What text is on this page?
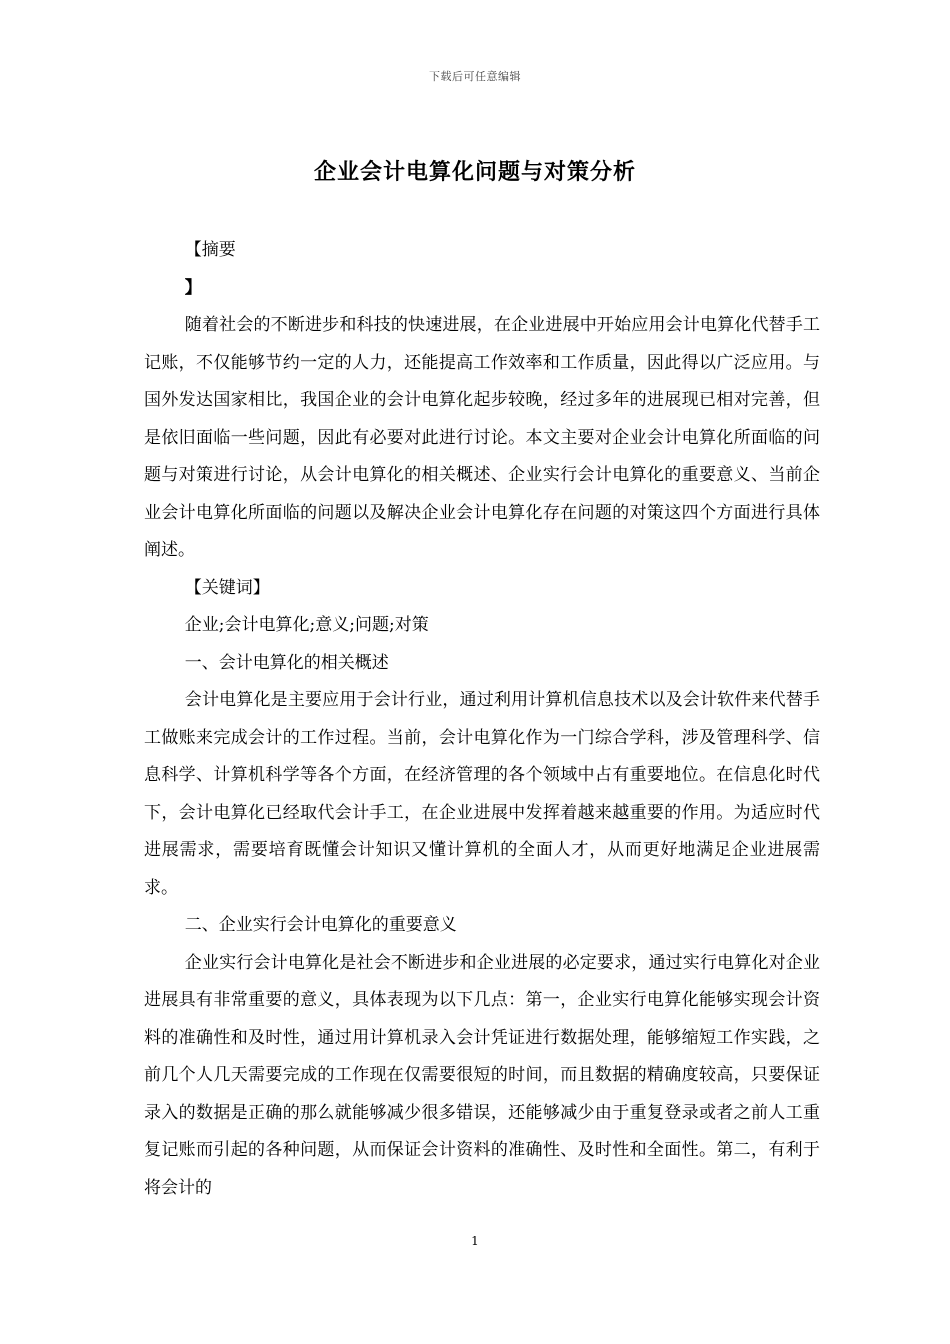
下载后可任意编辑
企业会计电算化问题与对策分析

【摘要

】

随着社会的不断进步和科技的快速进展，在企业进展中开始应用会计电算化代替手工记账，不仅能够节约一定的人力，还能提高工作效率和工作质量，因此得以广泛应用。与国外发达国家相比，我国企业的会计电算化起步较晚，经过多年的进展现已相对完善，但是依旧面临一些问题，因此有必要对此进行讨论。本文主要对企业会计电算化所面临的问题与对策进行讨论，从会计电算化的相关概述、企业实行会计电算化的重要意义、当前企业会计电算化所面临的问题以及解决企业会计电算化存在问题的对策这四个方面进行具体阐述。

【关键词】

企业;会计电算化;意义;问题;对策

一、会计电算化的相关概述

会计电算化是主要应用于会计行业，通过利用计算机信息技术以及会计软件来代替手工做账来完成会计的工作过程。当前，会计电算化作为一门综合学科，涉及管理科学、信息科学、计算机科学等各个方面，在经济管理的各个领域中占有重要地位。在信息化时代下，会计电算化已经取代会计手工，在企业进展中发挥着越来越重要的作用。为适应时代进展需求，需要培育既懂会计知识又懂计算机的全面人才，从而更好地满足企业进展需求。

二、企业实行会计电算化的重要意义

企业实行会计电算化是社会不断进步和企业进展的必定要求，通过实行电算化对企业进展具有非常重要的意义，具体表现为以下几点：第一，企业实行电算化能够实现会计资料的准确性和及时性，通过用计算机录入会计凭证进行数据处理，能够缩短工作实践，之前几个人几天需要完成的工作现在仅需要很短的时间，而且数据的精确度较高，只要保证录入的数据是正确的那么就能够减少很多错误，还能够减少由于重复登录或者之前人工重复记账而引起的各种问题，从而保证会计资料的准确性、及时性和全面性。第二，有利于将会计的

1
